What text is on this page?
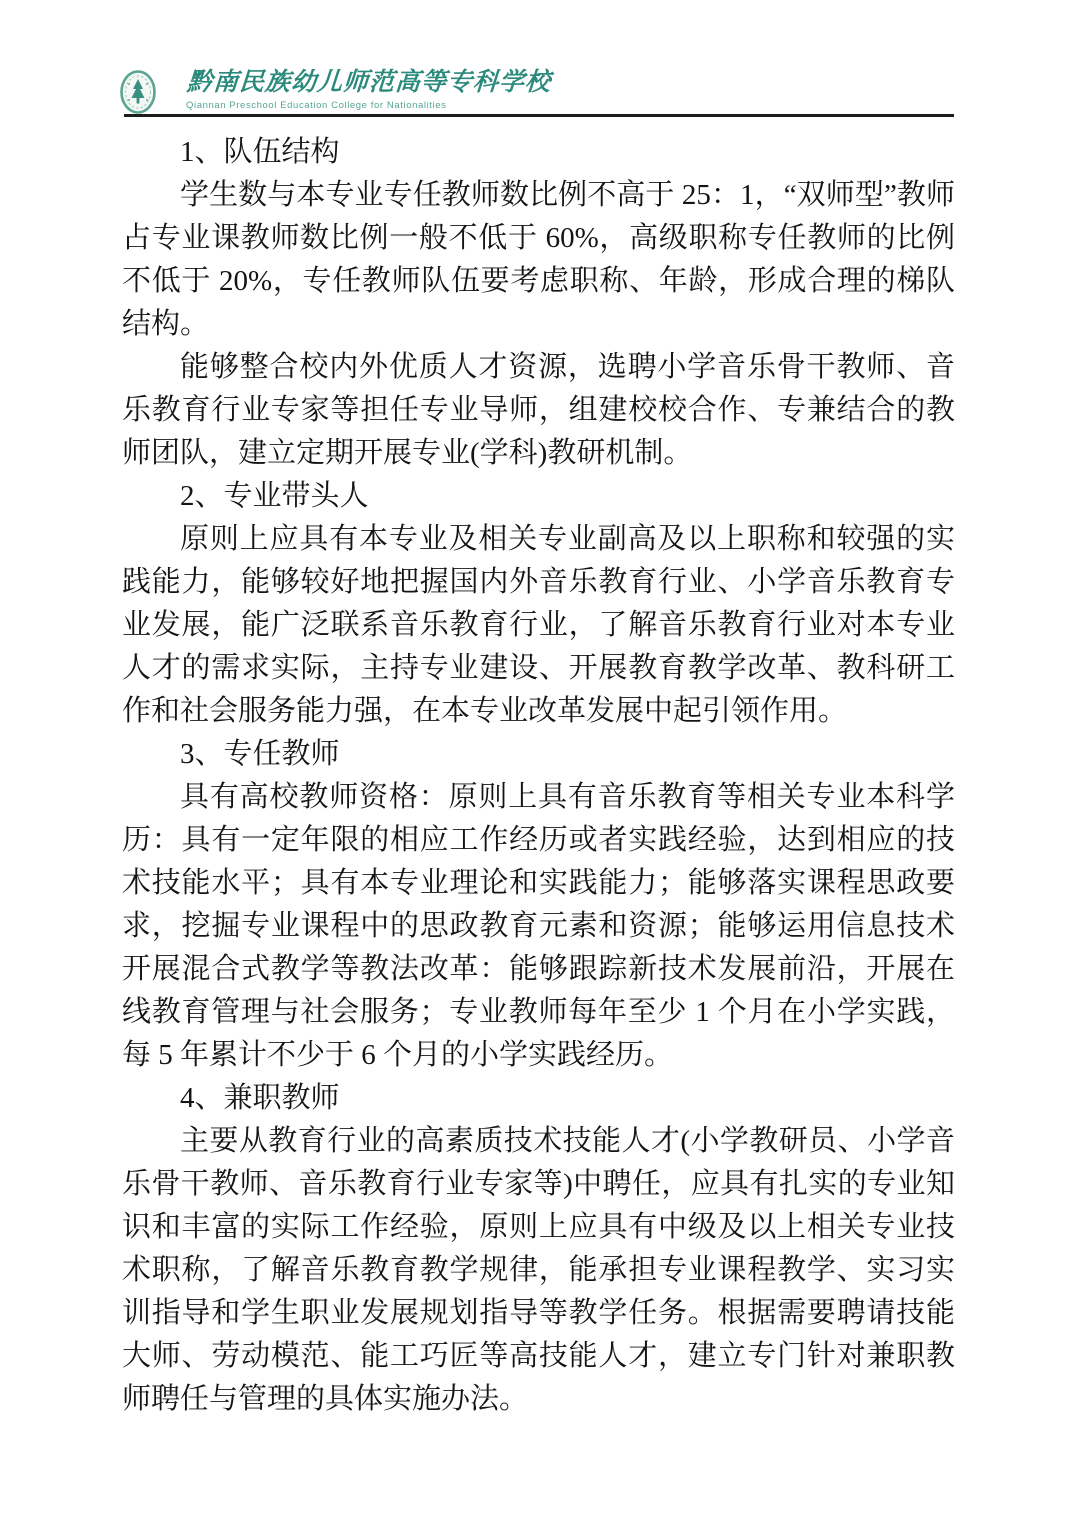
黔南民族幼儿师范高等专科学校
Qiannan Preschool Education College for Nationalities

1、队伍结构

学生数与本专业专任教师数比例不高于 25：1，“双师型”教师占专业课教师数比例一般不低于 60%，高级职称专任教师的比例不低于 20%，专任教师队伍要考虑职称、年龄，形成合理的梯队结构。

能够整合校内外优质人才资源，选聘小学音乐骨干教师、音乐教育行业专家等担任专业导师，组建校校合作、专兼结合的教师团队，建立定期开展专业(学科)教研机制。

2、专业带头人

原则上应具有本专业及相关专业副高及以上职称和较强的实践能力，能够较好地把握国内外音乐教育行业、小学音乐教育专业发展，能广泛联系音乐教育行业，了解音乐教育行业对本专业人才的需求实际，主持专业建设、开展教育教学改革、教科研工作和社会服务能力强，在本专业改革发展中起引领作用。

3、专任教师

具有高校教师资格：原则上具有音乐教育等相关专业本科学历：具有一定年限的相应工作经历或者实践经验，达到相应的技术技能水平；具有本专业理论和实践能力；能够落实课程思政要求，挖掘专业课程中的思政教育元素和资源；能够运用信息技术开展混合式教学等教法改革：能够跟踪新技术发展前沿，开展在线教育管理与社会服务；专业教师每年至少 1 个月在小学实践，每 5 年累计不少于 6 个月的小学实践经历。

4、兼职教师

主要从教育行业的高素质技术技能人才(小学教研员、小学音乐骨干教师、音乐教育行业专家等)中聘任，应具有扎实的专业知识和丰富的实际工作经验，原则上应具有中级及以上相关专业技术职称，了解音乐教育教学规律，能承担专业课程教学、实习实训指导和学生职业发展规划指导等教学任务。根据需要聘请技能大师、劳动模范、能工巧匠等高技能人才，建立专门针对兼职教师聘任与管理的具体实施办法。
